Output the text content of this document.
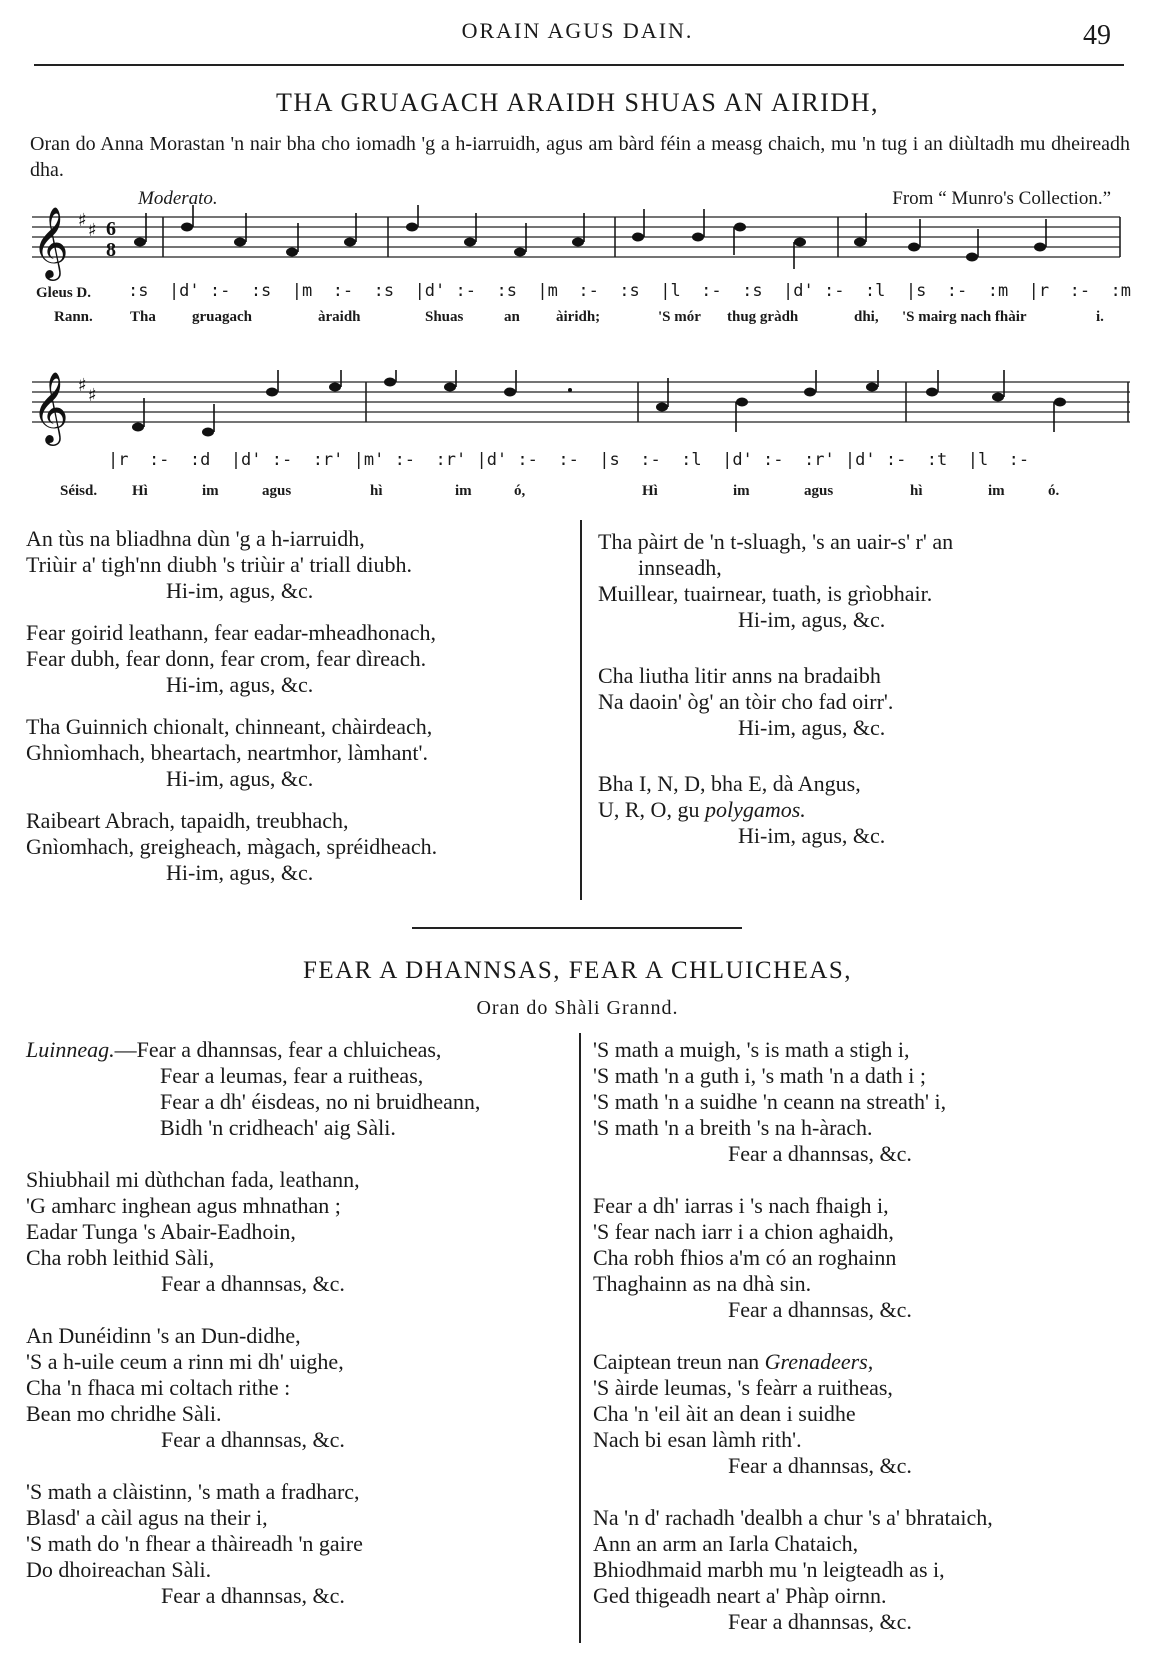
ORAIN AGUS DAIN.	49
THA GRUAGACH ARAIDH SHUAS AN AIRIDH,
Oran do Anna Morastan 'n nair bha cho iomadh 'g a h-iarruidh, agus am bàrd féin a measg chaich, mu 'n tug i an diùltadh mu dheireadh dha.
Moderato.	From “ Munro's Collection.”
𝄞 ♯ ♯ 6
8
Gleus D.
Rann.
:s  |d' :-  :s  |m  :-  :s  |d' :-  :s  |m  :-  :s  |l  :-  :s  |d' :-  :l  |s  :-  :m  |r  :-  :m
Tha gruagach	àraidh	Shuas	an àiridh;	'S mór thug gràdh	dhi, 'S mairg nach fhàir	i.
𝄞 ♯ ♯
|r  :-  :d  |d' :-  :r' |m' :-  :r' |d' :-  :-  |s  :-  :l  |d' :-  :r' |d' :-  :t  |l  :-
Séisd. Hì	im	agus	hì	im	ó,	Hì	im	agus	hì	im	ó.
An tùs na bliadhna dùn 'g a h-iarruidh,
Triùir a' tigh'nn diubh 's triùir a' triall diubh.
Hi-im, agus, &c.
Fear goirid leathann, fear eadar-mheadhonach,
Fear dubh, fear donn, fear crom, fear dìreach.
Hi-im, agus, &c.
Tha Guinnich chionalt, chinneant, chàirdeach,
Ghnìomhach, bheartach, neartmhor, làmhant'.
Hi-im, agus, &c.
Raibeart Abrach, tapaidh, treubhach,
Gnìomhach, greigheach, màgach, spréidheach.
Hi-im, agus, &c.
Tha pàirt de 'n t-sluagh, 's an uair-s' r' an
innseadh,
Muillear, tuairnear, tuath, is grìobhair.
Hi-im, agus, &c.
Cha liutha litir anns na bradaibh
Na daoin' òg' an tòir cho fad oirr'.
Hi-im, agus, &c.
Bha I, N, D, bha E, dà Angus,
U, R, O, gu polygamos.
Hi-im, agus, &c.
FEAR A DHANNSAS, FEAR A CHLUICHEAS,
Oran do Shàli Grannd.
Luinneag.—Fear a dhannsas, fear a chluicheas,
Fear a leumas, fear a ruitheas,
Fear a dh' éisdeas, no ni bruidheann,
Bidh 'n cridheach' aig Sàli.
Shiubhail mi dùthchan fada, leathann,
'G amharc inghean agus mhnathan ;
Eadar Tunga 's Abair-Eadhoin,
Cha robh leithid Sàli,
Fear a dhannsas, &c.
An Dunéidinn 's an Dun-didhe,
'S a h-uile ceum a rinn mi dh' uighe,
Cha 'n fhaca mi coltach rithe :
Bean mo chridhe Sàli.
Fear a dhannsas, &c.
'S math a clàistinn, 's math a fradharc,
Blasd' a càil agus na their i,
'S math do 'n fhear a thàireadh 'n gaire
Do dhoireachan Sàli.
Fear a dhannsas, &c.
'S math a muigh, 's is math a stigh i,
'S math 'n a guth i, 's math 'n a dath i ;
'S math 'n a suidhe 'n ceann na streath' i,
'S math 'n a breith 's na h-àrach.
Fear a dhannsas, &c.
Fear a dh' iarras i 's nach fhaigh i,
'S fear nach iarr i a chion aghaidh,
Cha robh fhios a'm có an roghainn
Thaghainn as na dhà sin.
Fear a dhannsas, &c.
Caiptean treun nan Grenadeers,
'S àirde leumas, 's feàrr a ruitheas,
Cha 'n 'eil àit an dean i suidhe
Nach bi esan làmh rith'.
Fear a dhannsas, &c.
Na 'n d' rachadh 'dealbh a chur 's a' bhrataich,
Ann an arm an Iarla Chataich,
Bhiodhmaid marbh mu 'n leigteadh as i,
Ged thigeadh neart a' Phàp oirnn.
Fear a dhannsas, &c.
